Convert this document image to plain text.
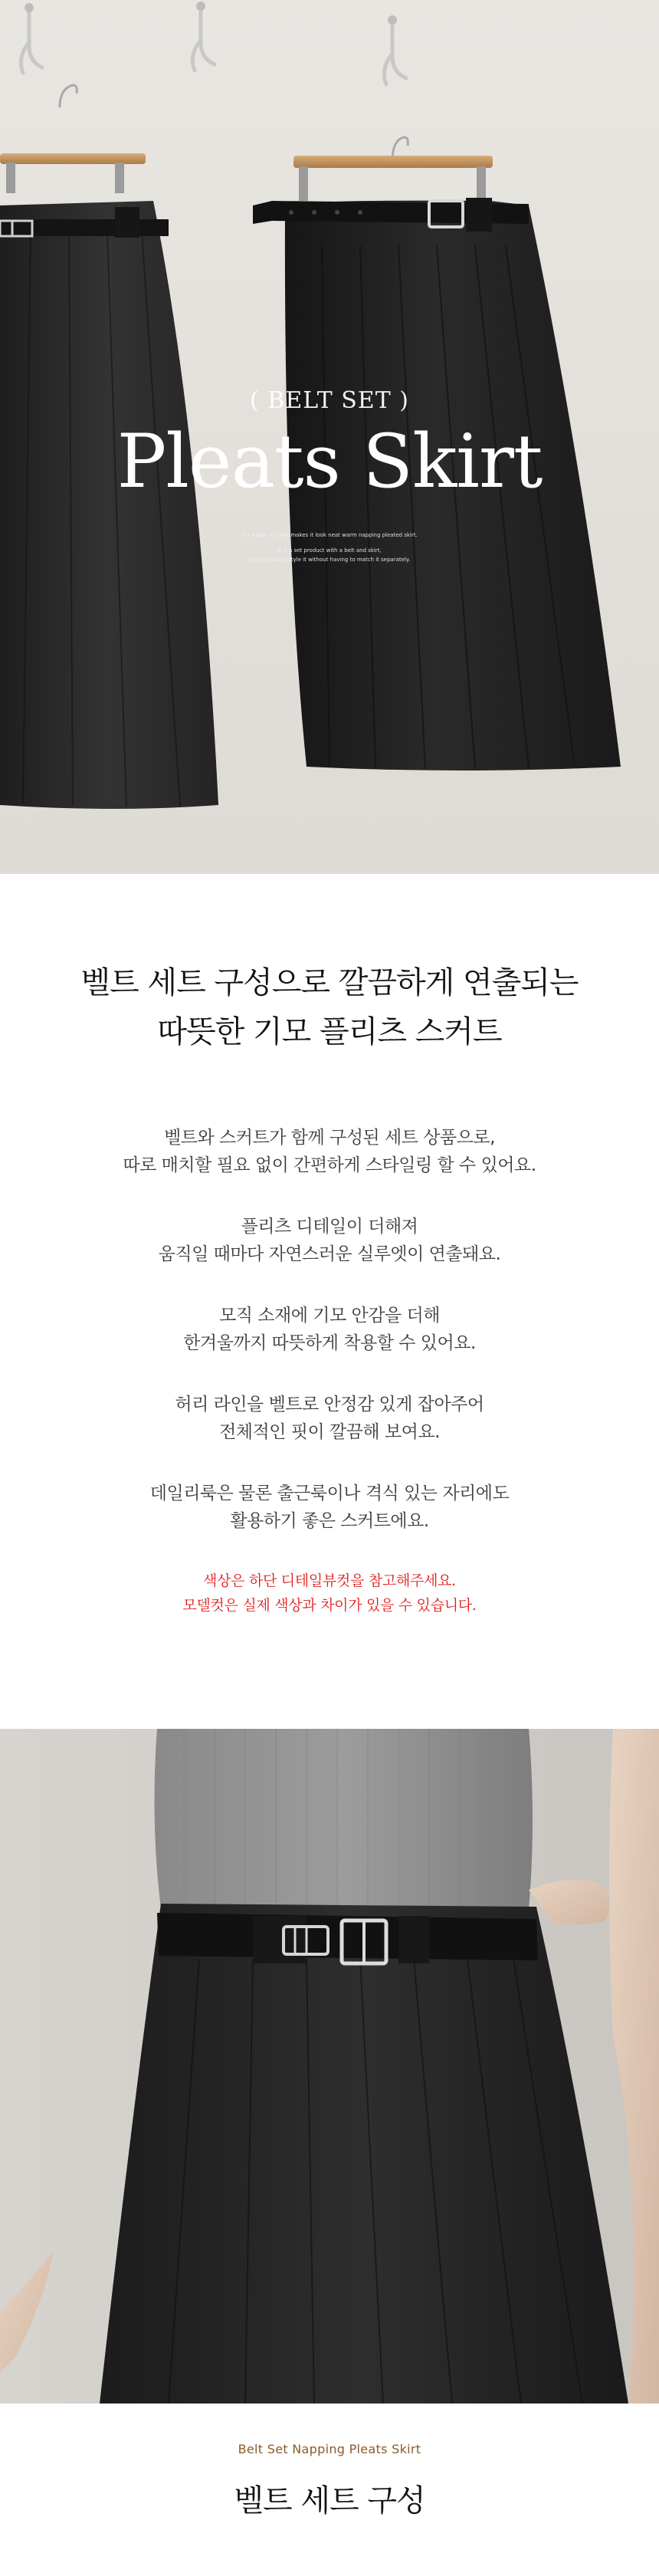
( BELT SET )
Pleats Skirt
It's a belt set that makes it look neat warm napping pleated skirt.
It is a set product with a belt and skirt,
You can easily style it without having to match it separately.
벨트 세트 구성으로 깔끔하게 연출되는
따뜻한 기모 플리츠 스커트
벨트와 스커트가 함께 구성된 세트 상품으로,
따로 매치할 필요 없이 간편하게 스타일링 할 수 있어요.
플리츠 디테일이 더해져
움직일 때마다 자연스러운 실루엣이 연출돼요.
모직 소재에 기모 안감을 더해
한겨울까지 따뜻하게 착용할 수 있어요.
허리 라인을 벨트로 안정감 있게 잡아주어
전체적인 핏이 깔끔해 보여요.
데일리룩은 물론 출근룩이나 격식 있는 자리에도
활용하기 좋은 스커트에요.
색상은 하단 디테일뷰컷을 참고해주세요.
모델컷은 실제 색상과 차이가 있을 수 있습니다.
Belt Set Napping Pleats Skirt
벨트 세트 구성
